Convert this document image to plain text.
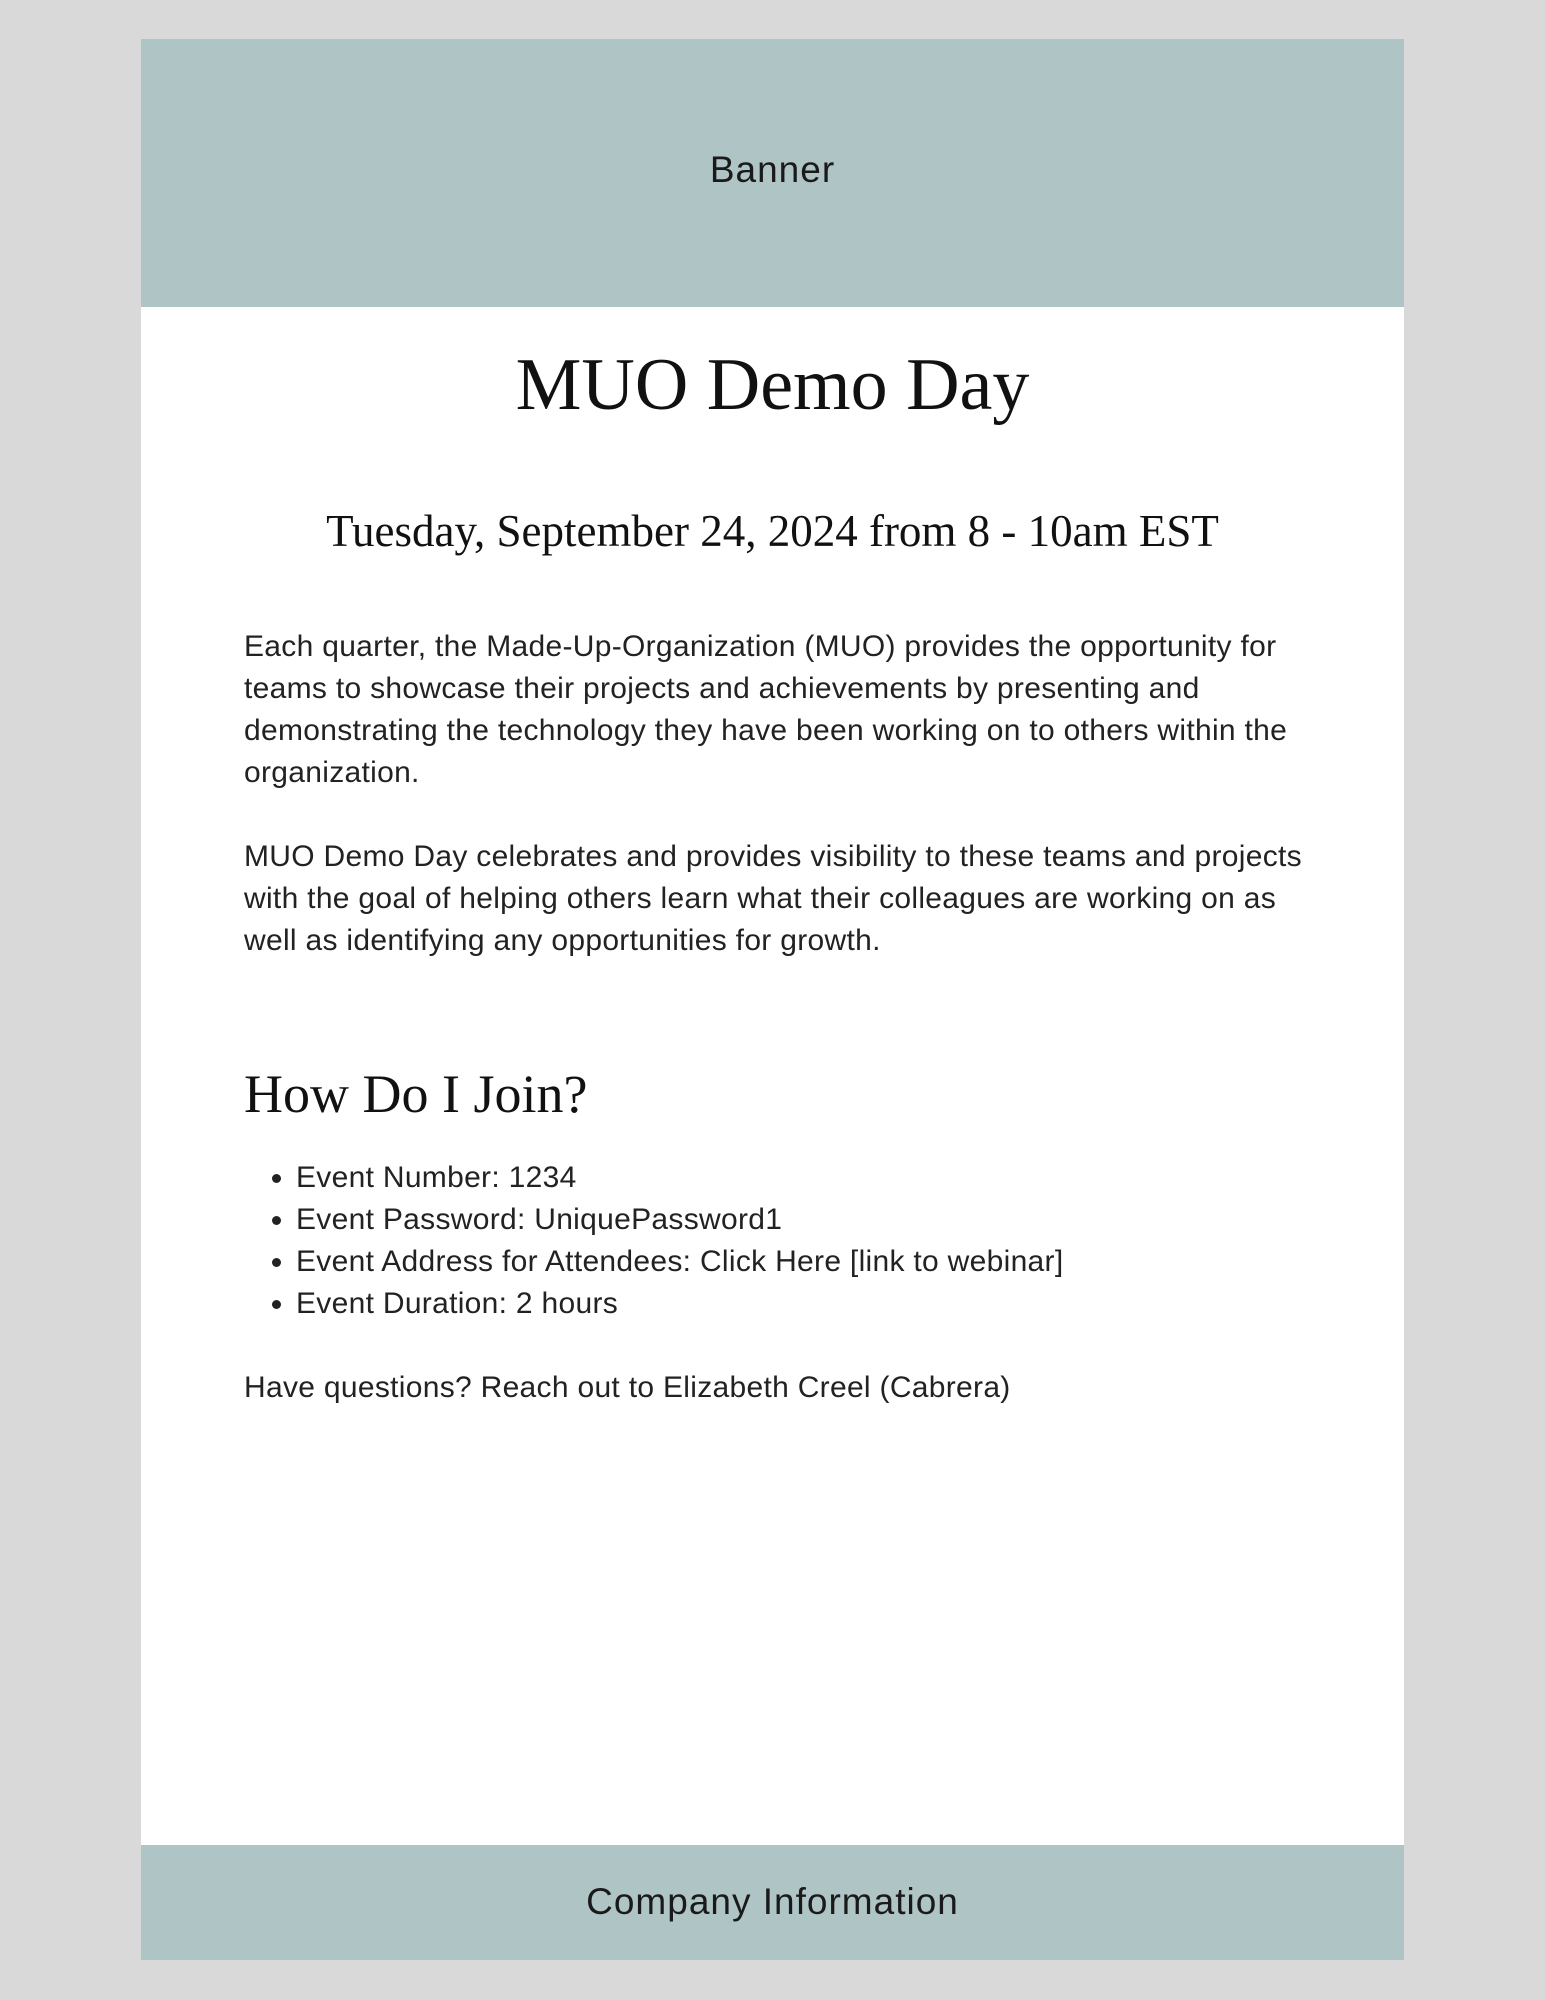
Banner
MUO Demo Day
Tuesday, September 24, 2024 from 8 - 10am EST
Each quarter, the Made-Up-Organization (MUO) provides the opportunity for teams to showcase their projects and achievements by presenting and demonstrating the technology they have been working on to others within the organization.
MUO Demo Day celebrates and provides visibility to these teams and projects with the goal of helping others learn what their colleagues are working on as well as identifying any opportunities for growth.
How Do I Join?
• Event Number: 1234
• Event Password: UniquePassword1
• Event Address for Attendees: Click Here [link to webinar]
• Event Duration: 2 hours
Have questions? Reach out to Elizabeth Creel (Cabrera)
Company Information
